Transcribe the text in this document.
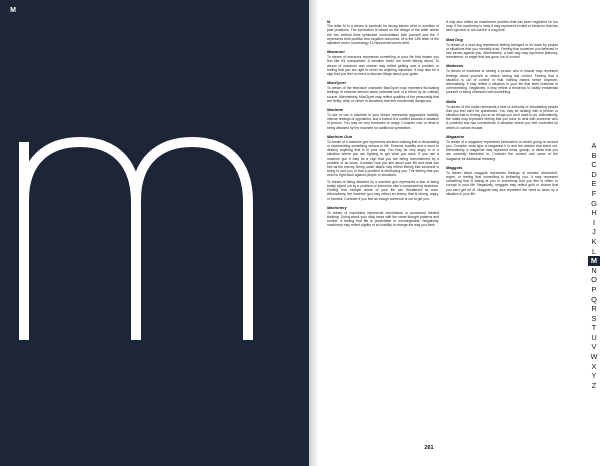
M
M

The letter M in a dream is symbolic for facing karmic debt or overflow of past problems. The symbolism is based on the design of the letter where the two vertical lines symbolise confrontation with yourself and the V represents both positive and negative outcomes. M is the 13th letter of the alphabet and in numerology 13 represents karmic debt.

Macaroni

To dream of macaroni represents something in your life that makes you feel like it's unimportant. A situation that's not worth talking about. To dream of macaroni and cheese may reflect getting over a problem or feeling that you are right to never do anything important. It may also be a sign that you feel no need to discuss things about your goals.

MacGyver

To dream of the television character MacGyver may represent fluctuating feelings of extreme tension about potential loss of a friend by an unlikely source. Alternatively, MacGyver may reflect qualities of the personality that are thrifty, witty, or clever in situations that feel emotionally dangerous.

Machete

To see or use a machete in your dream represents aggressive hostility, intense feelings of opposition, and a hatred of a conflict towards a situation or person. You may be very frustrated or angry. Consider who or what is being attacked by the machete for additional symbolism.

Machine Gun

To dream of a machine gun represents decision making that is devastating or representing something serious in life. Extreme hostility and a need to destroy anything that is in your way. You may be very angry or in a situation where you are fighting to get what you want. If you use a machine gun it may be a sign that you are being overwhelmed by a problem or an issue. Consider how you feel about your life and what you see as the enemy. Being under attack may reflect feeling that someone is trying to hurt you or that a problem is destroying you. The feeling that you need to fight back against people or situations.

To dream of being attacked by a machine gun represents a fear of being totally wiped out by a problem or someone else's overpowering decisions. Feeling that multiple areas of your life are threatened at once. Alternatively, the machine gun may reflect an enemy that is strong, angry, or harmful. Consider if you feel as though someone is out to get you.

Machinery

To dream of machinery represents mechanical or processed minded thinking. Going about your daily tasks with the same thought patterns and routine. A feeling that life is predictable or unchangeable. Negatively, machinery may reflect rigidity or an inability to change the way you think.

It may also reflect an unwelcome problem that has been neglected for too long. If the machinery is rusty it may represent a habit or behavior that has been ignored or not used in a long time.

Mad Dog

To dream of a mad dog represents feeling betrayed or let down by people or situations that you normally trust. Feeling that someone you believed in has turned against you. Alternatively, a mad dog may represent jealousy, resentment, or anger that has gone out of control.

Madness

To dream of madness or seeing a person who is insane may represent feelings about yourself or others having lost control. Feeling that a situation is out of control or that nothing makes sense anymore. Alternatively, it may reflect a situation in your life that feels irrational or overwhelming. Negatively, it may reflect a tendency to totally embarrass yourself or being obsessed with something.

Mafia

To dream of the mafia represents a fear of authority or intimidating people that you feel can't be questioned. You may be dealing with a person or situation that is forcing you to do things you don't want to do. Alternatively, the mafia may represent feeling that you have to deal with someone who is powerful and has connections. A situation where you feel controlled by others or cannot escape.

Magazine

To dream of a magazine represents information or what's going on around you. Consider what type of magazine it is and the articles that stand out. Alternatively, a magazine may represent news, gossip, or ideas that you are currently interested in. Consider the context and name of the magazine for additional meaning.

Maggots

To dream about maggots represents feelings of unease, discomfort, regret, or feeling that something is bothering you. It may represent something that is eating at you or something that you feel is rotten or corrupt in your life. Negatively, maggots may reflect guilt or shame that you can't get rid of. Maggots may also represent the need to clean up a situation in your life.

A
B
C
D
E
F
G
H
I
J
K
L
M
N
O
P
Q
R
S
T
U
V
W
X
Y
Z
261
